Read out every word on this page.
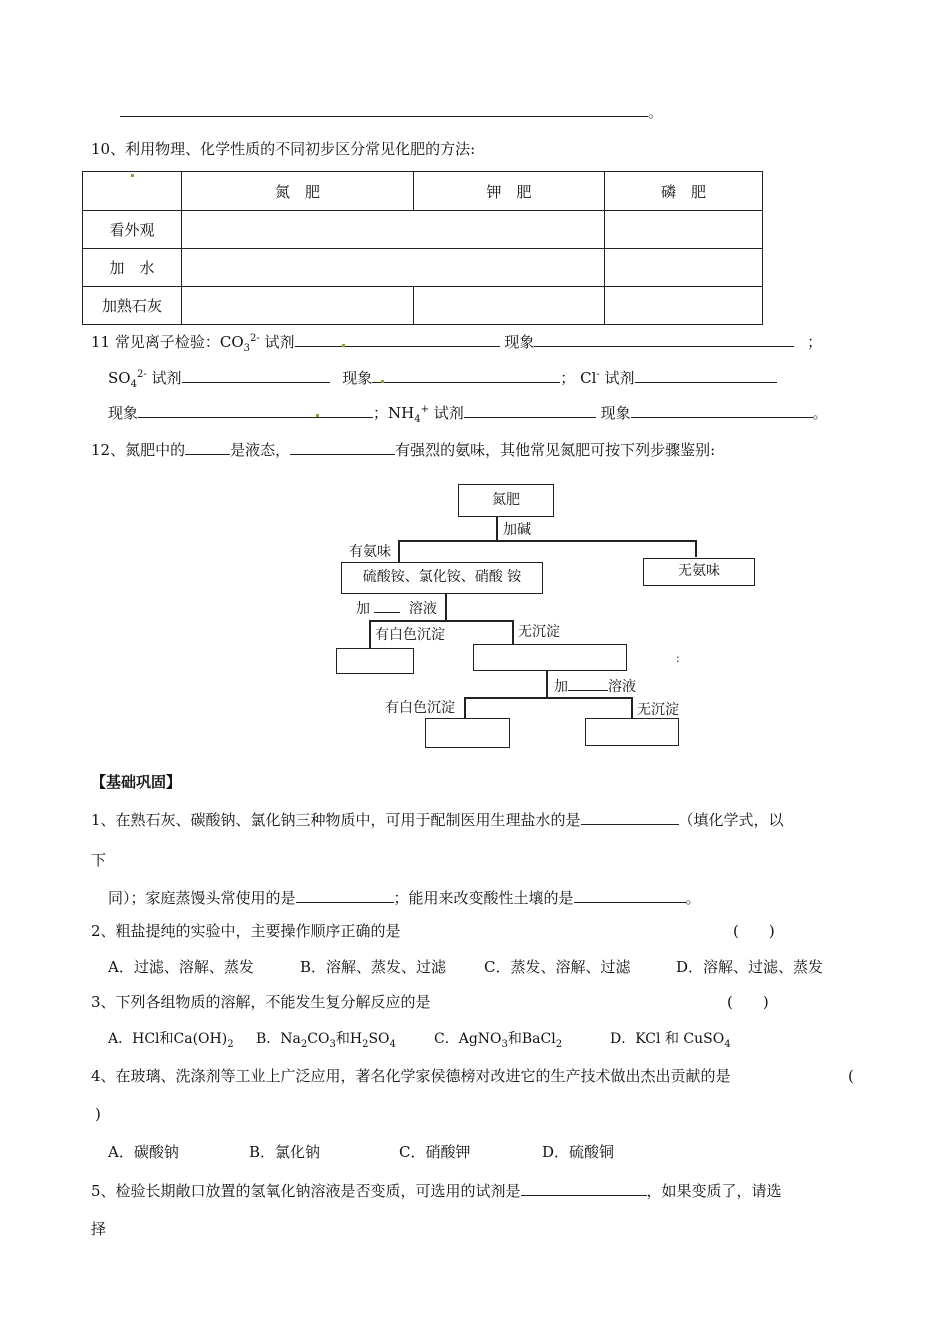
。
10、利用物理、化学性质的不同初步区分常见化肥的方法:
	氮　肥	钾　肥	磷　肥
看外观			
加　水			
加熟石灰			
11 常见离子检验：$CO_3^{2-}$ 试剂	现象	；
$SO_4^{2-}$ 试剂	现象	； Cl- 试剂
现象	；$NH_4^+$ 试剂	现象	。
12、氮肥中的	是液态，	有强烈的氨味，其他常见氮肥可按下列步骤鉴别:
氮肥
加碱
有氨味
硫酸铵、氯化铵、硝酸 铵	无氨味
加	溶液
有白色沉淀	无沉淀
:
加	溶液
有白色沉淀	无沉淀
【基础巩固】
1、在熟石灰、碳酸钠、氯化钠三种物质中，可用于配制医用生理盐水的是	（填化学式，以
下
同）；家庭蒸馒头常使用的是	；能用来改变酸性土壤的是	。
2、粗盐提纯的实验中，主要操作顺序正确的是	(　　)
A．过滤、溶解、蒸发	B．溶解、蒸发、过滤	C．蒸发、溶解、过滤	D．溶解、过滤、蒸发
3、下列各组物质的溶解，不能发生复分解反应的是	(　　)
A．HCl和$Ca(OH)_2$ B．$Na_2CO_3$和$H_2SO_4$	C．AgNO$_3$和BaCl$_2$	D．KCl 和 CuSO$_4$
4、在玻璃、洗涤剂等工业上广泛应用，著名化学家侯德榜对改进它的生产技术做出杰出贡献的是	(
)
A．碳酸钠	B．氯化钠	C．硝酸钾	D．硫酸铜
5、检验长期敞口放置的氢氧化钠溶液是否变质，可选用的试剂是	，如果变质了，请选
择
